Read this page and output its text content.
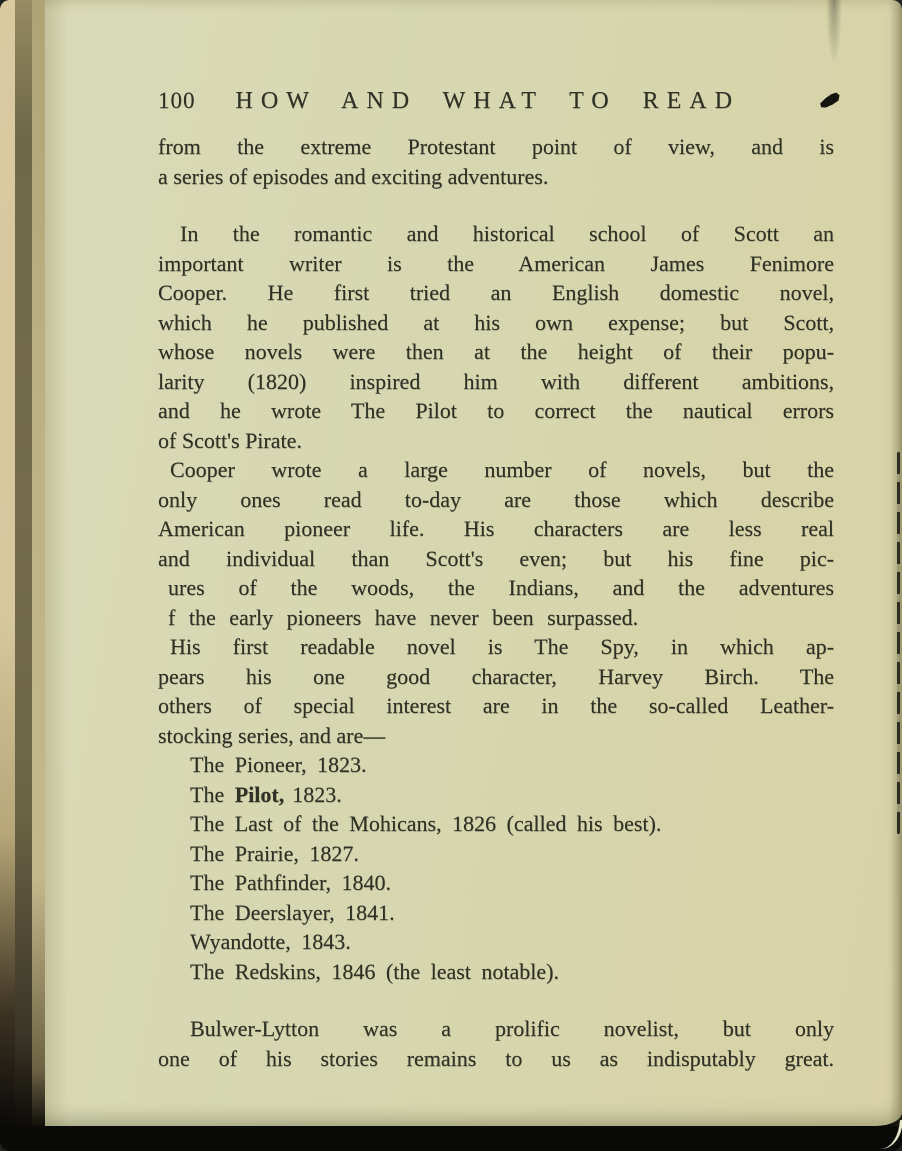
100 HOW AND WHAT TO READ
from the extreme Protestant point of view, and is
a series of episodes and exciting adventures.
In the romantic and historical school of Scott an
important writer is the American James Fenimore
Cooper. He first tried an English domestic novel,
which he published at his own expense; but Scott,
whose novels were then at the height of their popu-
larity (1820) inspired him with different ambitions,
and he wrote The Pilot to correct the nautical errors
of Scott's Pirate.
Cooper wrote a large number of novels, but the
only ones read to-day are those which describe
American pioneer life. His characters are less real
and individual than Scott's even; but his fine pic-
ures of the woods, the Indians, and the adventures
f the early pioneers have never been surpassed.
His first readable novel is The Spy, in which ap-
pears his one good character, Harvey Birch. The
others of special interest are in the so-called Leather-
stocking series, and are—
The Pioneer, 1823.
The Pilot, 1823.
The Last of the Mohicans, 1826 (called his best).
The Prairie, 1827.
The Pathfinder, 1840.
The Deerslayer, 1841.
Wyandotte, 1843.
The Redskins, 1846 (the least notable).
Bulwer-Lytton was a prolific novelist, but only
one of his stories remains to us as indisputably great.
